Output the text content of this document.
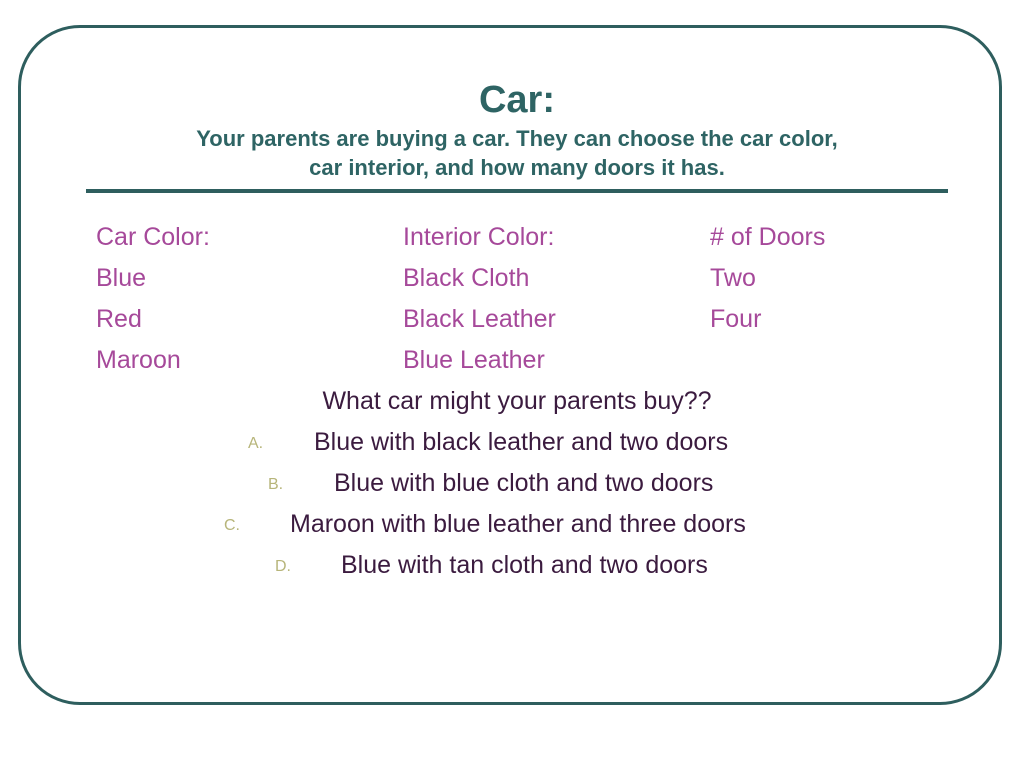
Car:
Your parents are buying a car. They can choose the car color,
car interior, and how many doors it has.
Car Color:
Blue
Red
Maroon
Interior Color:
Black Cloth
Black Leather
Blue Leather
# of Doors
Two
Four
What car might your parents buy??
A. Blue with black leather and two doors
B. Blue with blue cloth and two doors
C. Maroon with blue leather and three doors
D. Blue with tan cloth and two doors
